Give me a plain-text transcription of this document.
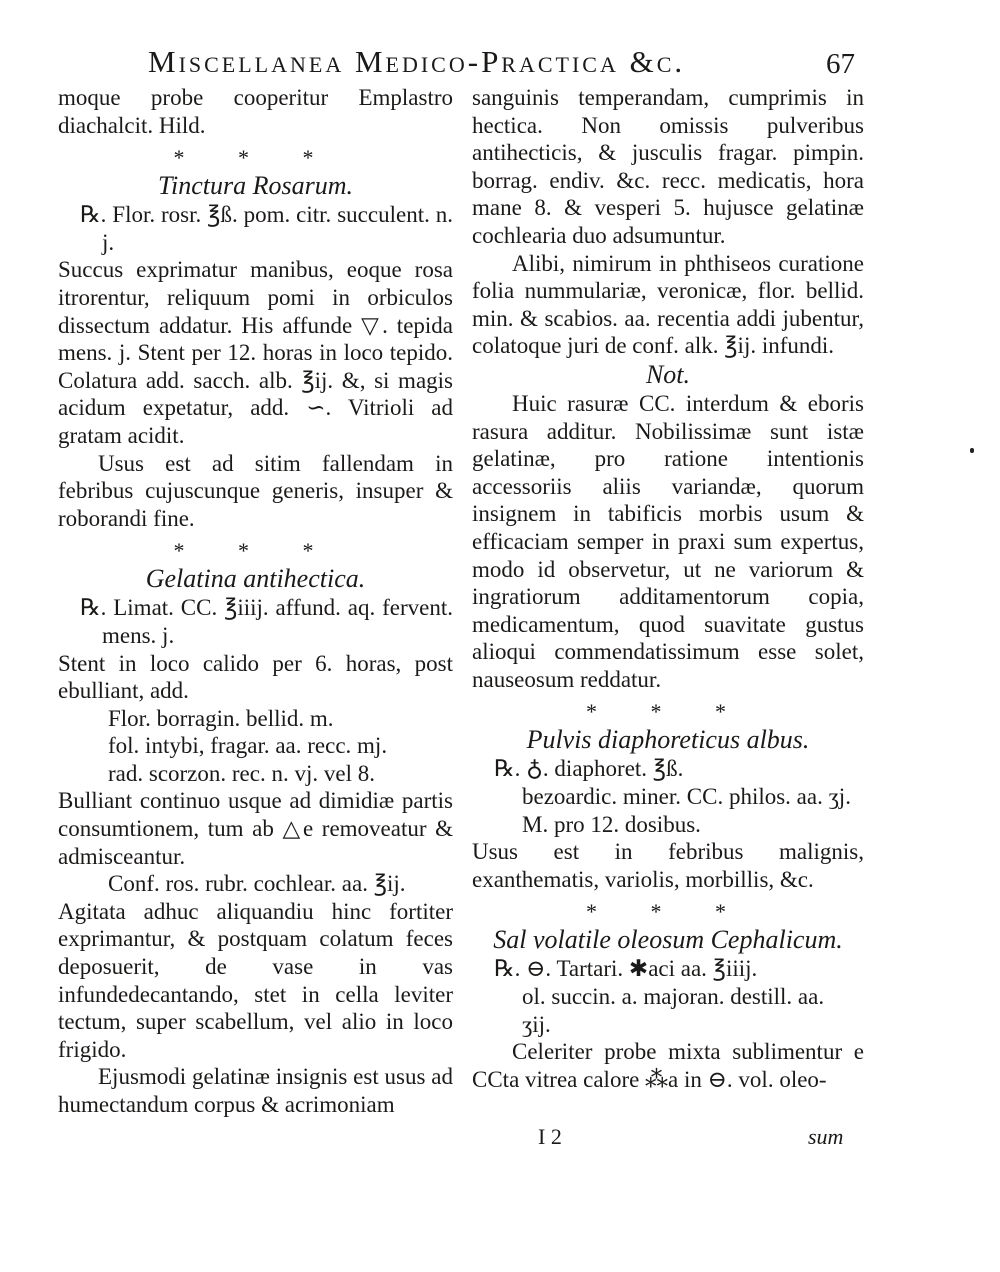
Miscellanea Medico-Practica &c.	67

moque probe cooperitur Emplastro diachalcit. Hild.

* * *
Tinctura Rosarum.

℞. Flor. rosr. ℥ß. pom. citr. succulent. n. j.

Succus exprimatur manibus, eoque rosa itrorentur, reliquum pomi in orbiculos dissectum addatur. His affunde ▽. tepida mens. j. Stent per 12. horas in loco tepido. Colatura add. sacch. alb. ℥ij. &, si magis acidum expetatur, add. ∽. Vitrioli ad gratam acidit.

Usus est ad sitim fallendam in febribus cujuscunque generis, insuper & roborandi fine.

* * *
Gelatina antihectica.

℞. Limat. CC. ℥iiij. affund. aq. fervent. mens. j.

Stent in loco calido per 6. horas, post ebulliant, add.

Flor. borragin. bellid. m.

fol. intybi, fragar. aa. recc. mj.

rad. scorzon. rec. n. vj. vel 8.

Bulliant continuo usque ad dimidiæ partis consumtionem, tum ab △e removeatur & admisceantur.

Conf. ros. rubr. cochlear. aa. ℥ij.

Agitata adhuc aliquandiu hinc fortiter exprimantur, & postquam colatum feces deposuerit, de vase in vas infundedecantando, stet in cella leviter tectum, super scabellum, vel alio in loco frigido.

Ejusmodi gelatinæ insignis est usus ad humectandum corpus & acrimoniam

sanguinis temperandam, cumprimis in hectica. Non omissis pulveribus antihecticis, & jusculis fragar. pimpin. borrag. endiv. &c. recc. medicatis, hora mane 8. & vesperi 5. hujusce gelatinæ cochlearia duo adsumuntur.

Alibi, nimirum in phthiseos curatione folia nummulariæ, veronicæ, flor. bellid. min. & scabios. aa. recentia addi jubentur, colatoque juri de conf. alk. ℥ij. infundi.

Not.

Huic rasuræ CC. interdum & eboris rasura additur. Nobilissimæ sunt istæ gelatinæ, pro ratione intentionis accessoriis aliis variandæ, quorum insignem in tabificis morbis usum & efficaciam semper in praxi sum expertus, modo id observetur, ut ne variorum & ingratiorum additamentorum copia, medicamentum, quod suavitate gustus alioqui commendatissimum esse solet, nauseosum reddatur.

* * *
Pulvis diaphoreticus albus.

℞. ♁. diaphoret. ℥ß.

bezoardic. miner. CC. philos. aa. ʒj.

M. pro 12. dosibus.

Usus est in febribus malignis, exanthematis, variolis, morbillis, &c.

* * *
Sal volatile oleosum Cephalicum.

℞. ⊖. Tartari. ✱aci aa. ℥iiij.

ol. succin. a. majoran. destill. aa.

ʒij.

Celeriter probe mixta sublimentur e CCta vitrea calore ⁂a in ⊖. vol. oleo-

I 2	sum
